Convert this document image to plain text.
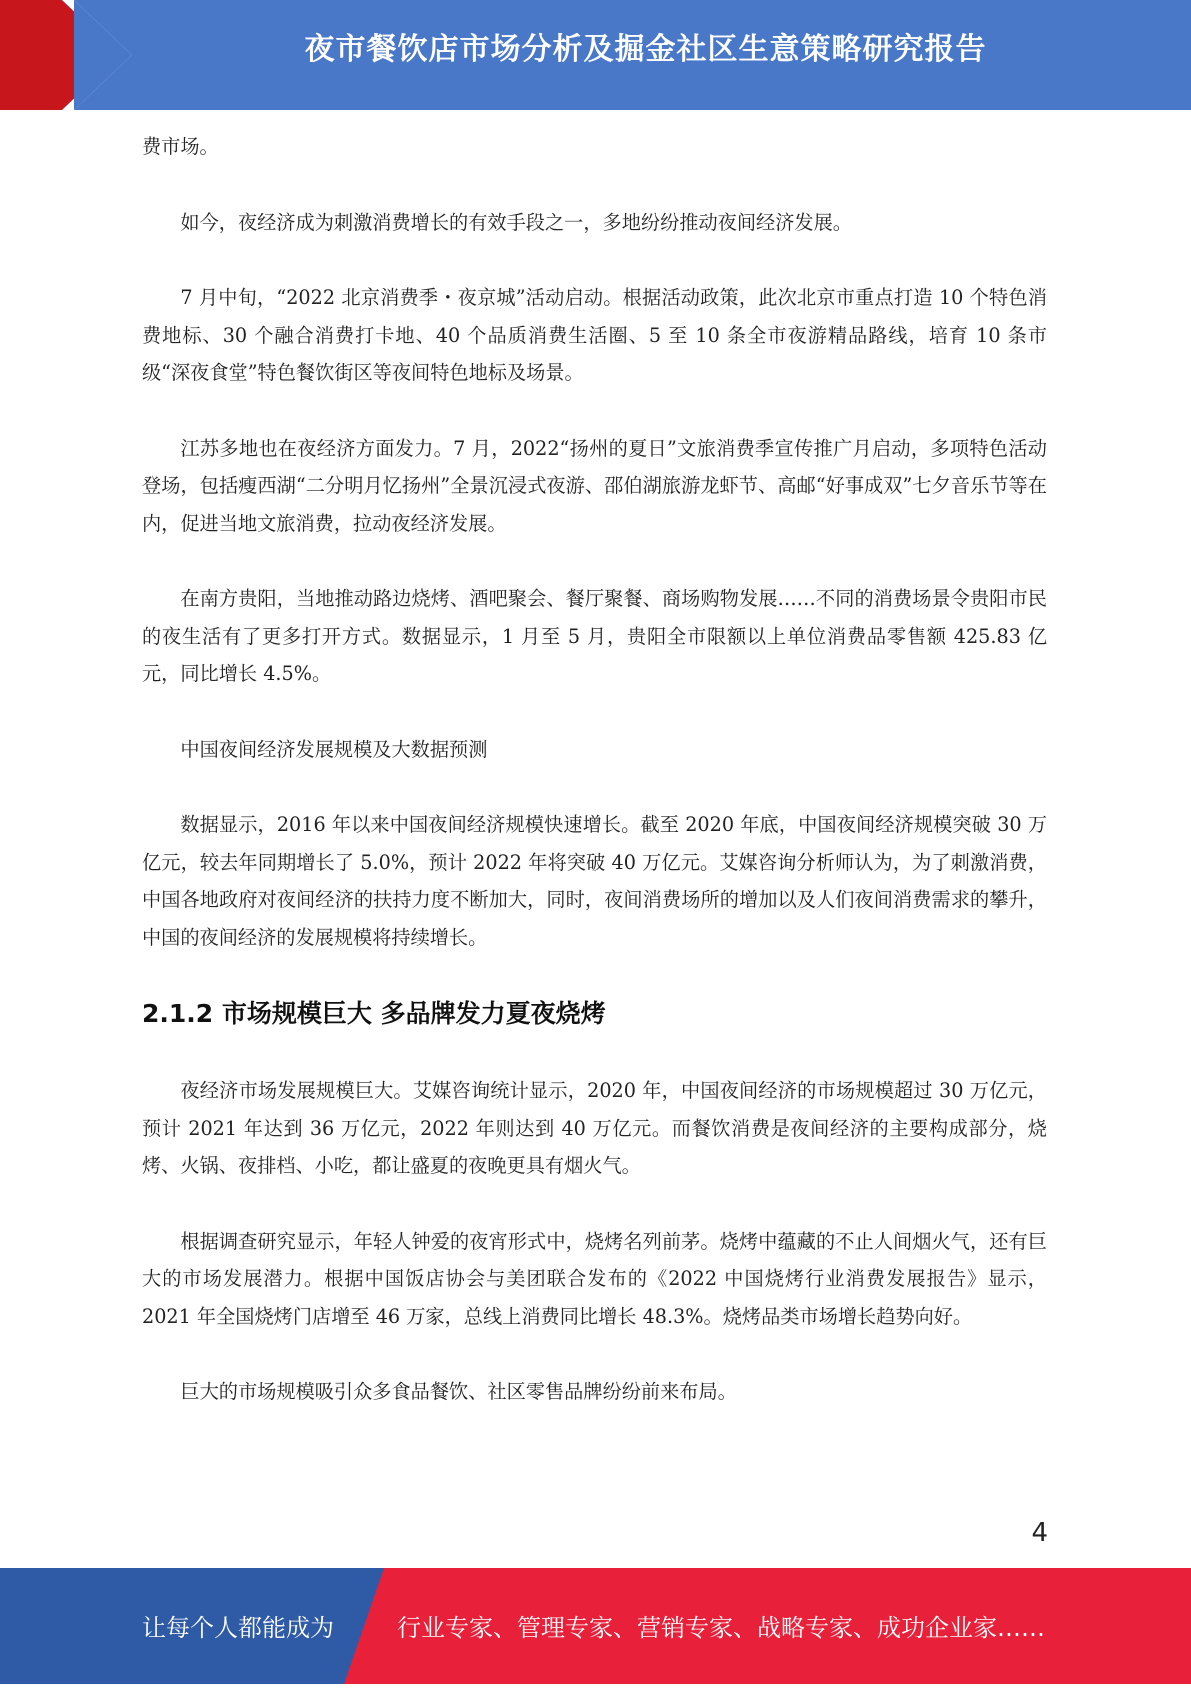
夜市餐饮店市场分析及掘金社区生意策略研究报告

费市场。

如今，夜经济成为刺激消费增长的有效手段之一，多地纷纷推动夜间经济发展。

7 月中旬，“2022 北京消费季・夜京城”活动启动。根据活动政策，此次北京市重点打造 10 个特色消费地标、30 个融合消费打卡地、40 个品质消费生活圈、5 至 10 条全市夜游精品路线，培育 10 条市级“深夜食堂”特色餐饮街区等夜间特色地标及场景。

江苏多地也在夜经济方面发力。7 月，2022“扬州的夏日”文旅消费季宣传推广月启动，多项特色活动登场，包括瘦西湖“二分明月忆扬州”全景沉浸式夜游、邵伯湖旅游龙虾节、高邮“好事成双”七夕音乐节等在内，促进当地文旅消费，拉动夜经济发展。

在南方贵阳，当地推动路边烧烤、酒吧聚会、餐厅聚餐、商场购物发展……不同的消费场景令贵阳市民的夜生活有了更多打开方式。数据显示，1 月至 5 月，贵阳全市限额以上单位消费品零售额 425.83 亿元，同比增长 4.5%。

中国夜间经济发展规模及大数据预测

数据显示，2016 年以来中国夜间经济规模快速增长。截至 2020 年底，中国夜间经济规模突破 30 万亿元，较去年同期增长了 5.0%，预计 2022 年将突破 40 万亿元。艾媒咨询分析师认为，为了刺激消费，中国各地政府对夜间经济的扶持力度不断加大，同时，夜间消费场所的增加以及人们夜间消费需求的攀升，中国的夜间经济的发展规模将持续增长。

2.1.2 市场规模巨大 多品牌发力夏夜烧烤

夜经济市场发展规模巨大。艾媒咨询统计显示，2020 年，中国夜间经济的市场规模超过 30 万亿元，预计 2021 年达到 36 万亿元，2022 年则达到 40 万亿元。而餐饮消费是夜间经济的主要构成部分，烧烤、火锅、夜排档、小吃，都让盛夏的夜晚更具有烟火气。

根据调查研究显示，年轻人钟爱的夜宵形式中，烧烤名列前茅。烧烤中蕴藏的不止人间烟火气，还有巨大的市场发展潜力。根据中国饭店协会与美团联合发布的《2022 中国烧烤行业消费发展报告》显示，2021 年全国烧烤门店增至 46 万家，总线上消费同比增长 48.3%。烧烤品类市场增长趋势向好。

巨大的市场规模吸引众多食品餐饮、社区零售品牌纷纷前来布局。

4
让每个人都能成为	行业专家、管理专家、营销专家、战略专家、成功企业家……
